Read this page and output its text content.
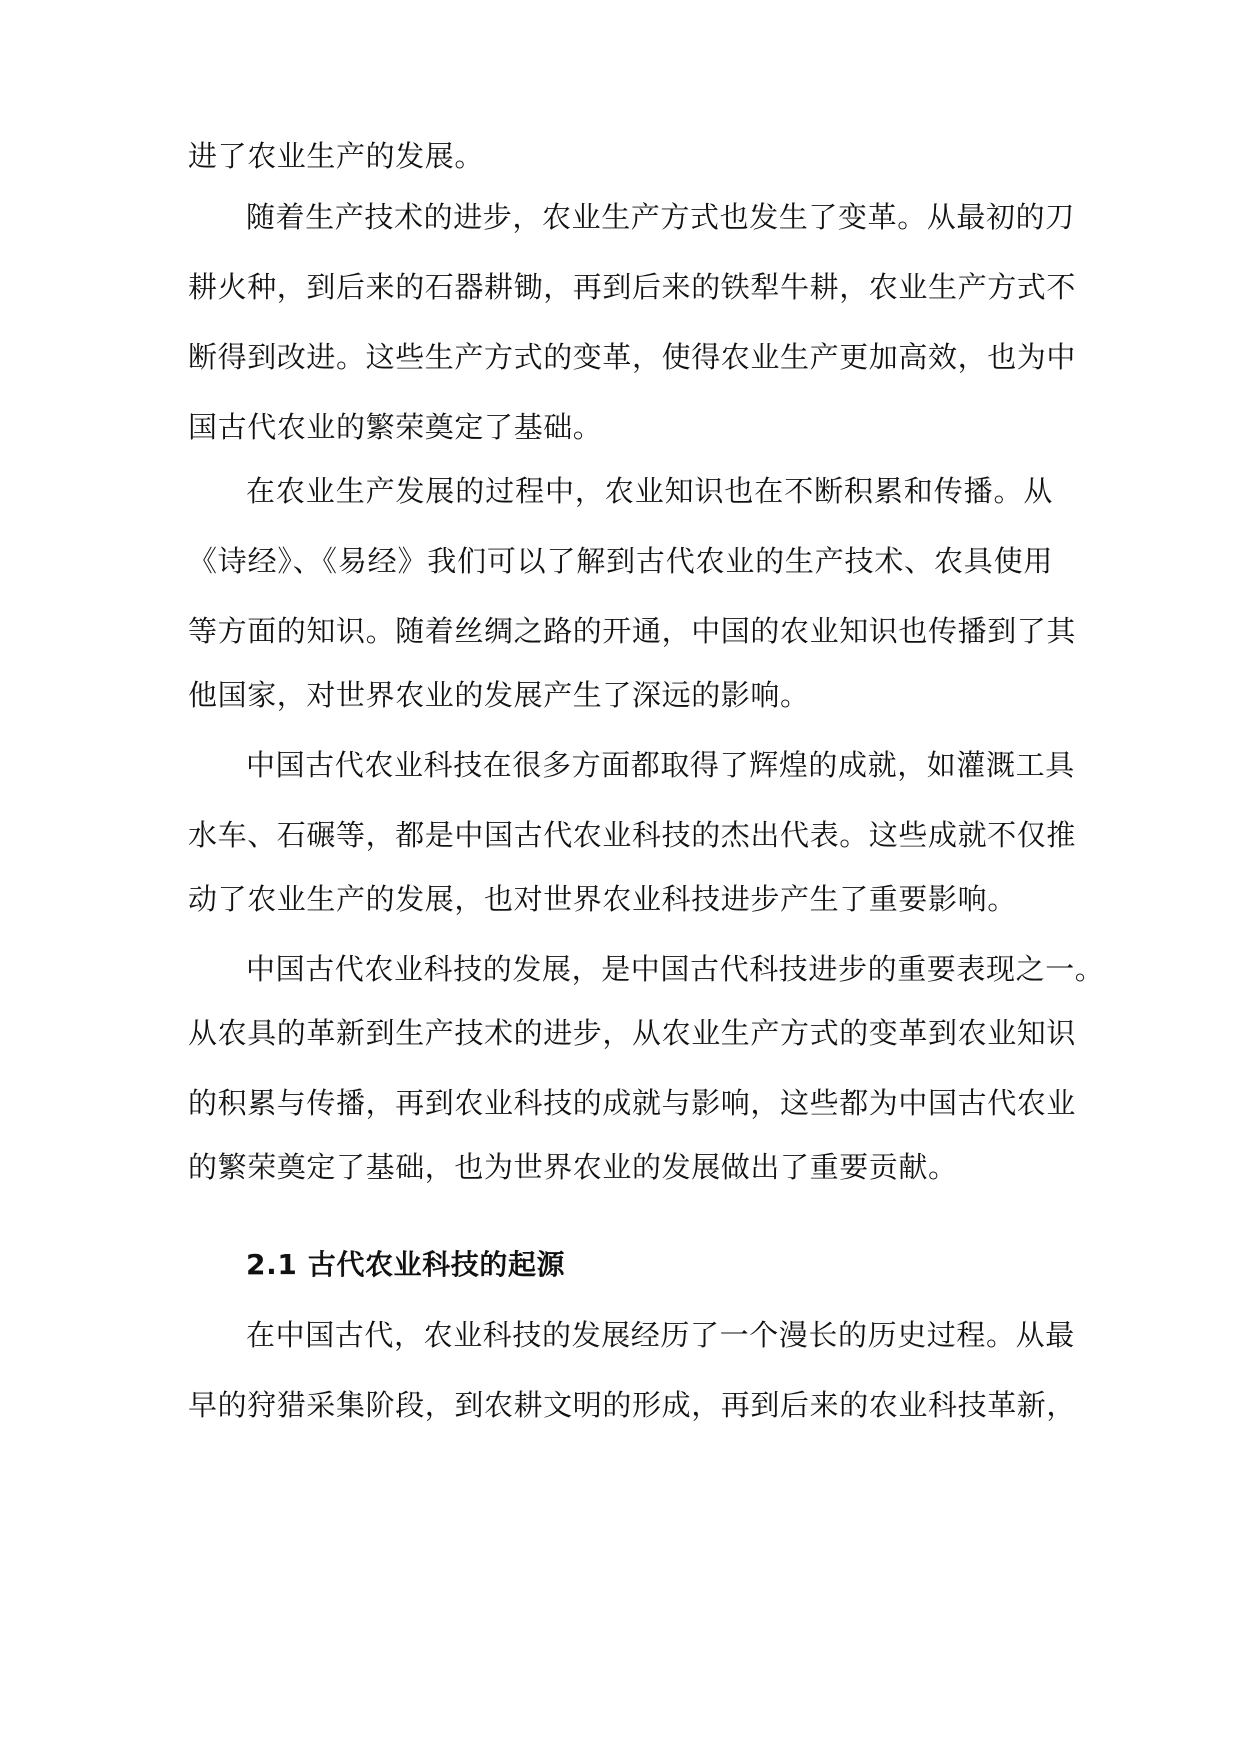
进了农业生产的发展。
随着生产技术的进步，农业生产方式也发生了变革。从最初的刀
耕火种，到后来的石器耕锄，再到后来的铁犁牛耕，农业生产方式不
断得到改进。这些生产方式的变革，使得农业生产更加高效，也为中
国古代农业的繁荣奠定了基础。
在农业生产发展的过程中，农业知识也在不断积累和传播。从
《诗经》、《易经》我们可以了解到古代农业的生产技术、农具使用
等方面的知识。随着丝绸之路的开通，中国的农业知识也传播到了其
他国家，对世界农业的发展产生了深远的影响。
中国古代农业科技在很多方面都取得了辉煌的成就，如灌溉工具
水车、石碾等，都是中国古代农业科技的杰出代表。这些成就不仅推
动了农业生产的发展，也对世界农业科技进步产生了重要影响。
中国古代农业科技的发展，是中国古代科技进步的重要表现之一。
从农具的革新到生产技术的进步，从农业生产方式的变革到农业知识
的积累与传播，再到农业科技的成就与影响，这些都为中国古代农业
的繁荣奠定了基础，也为世界农业的发展做出了重要贡献。
2.1 古代农业科技的起源
在中国古代，农业科技的发展经历了一个漫长的历史过程。从最
早的狩猎采集阶段，到农耕文明的形成，再到后来的农业科技革新，
